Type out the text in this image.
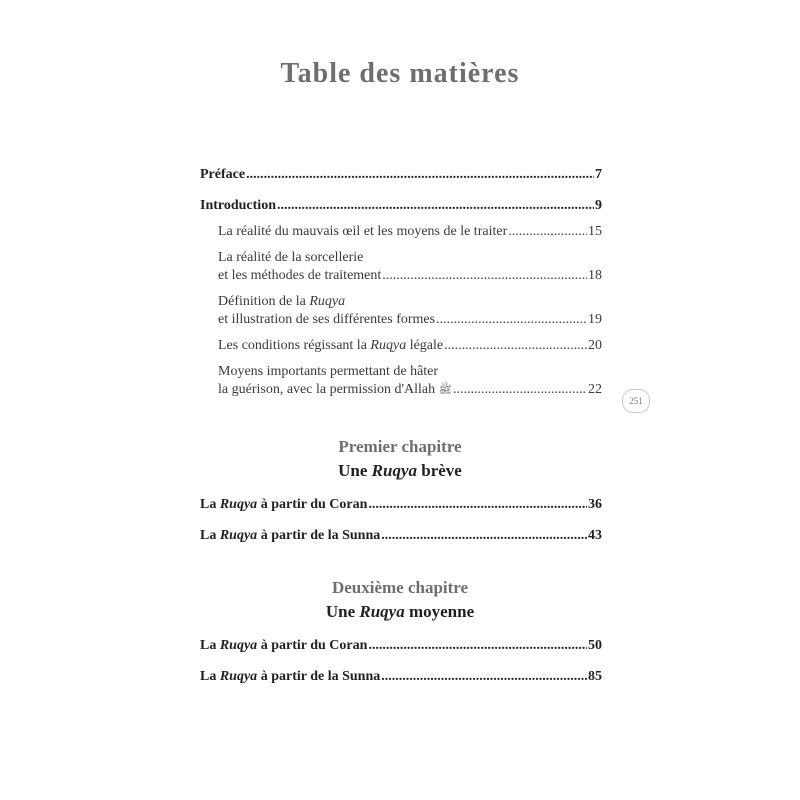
Table des matières
Préface .....	7
Introduction .....	9
La réalité du mauvais œil et les moyens de le traiter .....	15
La réalité de la sorcellerie
et les méthodes de traitement .....	18
Définition de la Ruqya
et illustration de ses différentes formes .....	19
Les conditions régissant la Ruqya légale .....	20
Moyens importants permettant de hâter
la guérison, avec la permission d'Allah ﷺ .....	22
251
Premier chapitre
Une Ruqya brève
La Ruqya à partir du Coran .....	36
La Ruqya à partir de la Sunna .....	43
Deuxième chapitre
Une Ruqya moyenne
La Ruqya à partir du Coran .....	50
La Ruqya à partir de la Sunna .....	85
